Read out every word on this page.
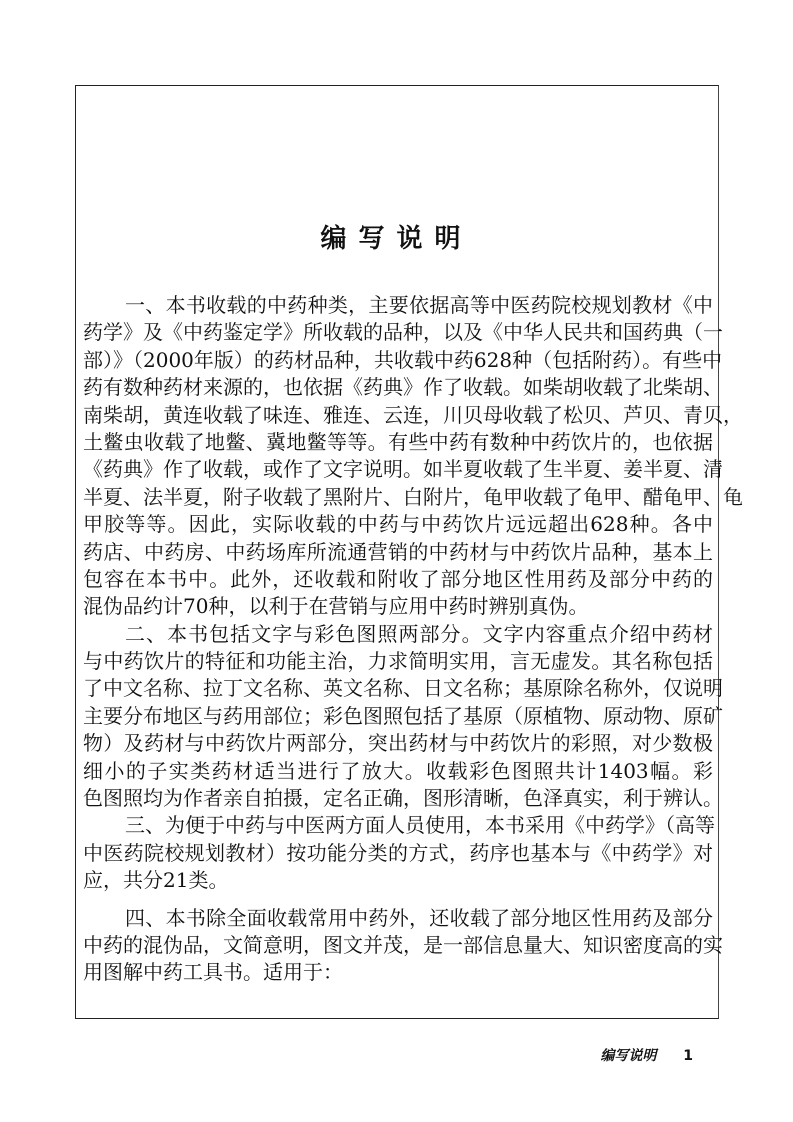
编写说明
一、本书收载的中药种类，主要依据高等中医药院校规划教材《中
药学》及《中药鉴定学》所收载的品种，以及《中华人民共和国药典（一
部）》（2000年版）的药材品种，共收载中药628种（包括附药）。有些中
药有数种药材来源的，也依据《药典》作了收载。如柴胡收载了北柴胡、
南柴胡，黄连收载了味连、雅连、云连，川贝母收载了松贝、芦贝、青贝，
土鳖虫收载了地鳖、冀地鳖等等。有些中药有数种中药饮片的，也依据
《药典》作了收载，或作了文字说明。如半夏收载了生半夏、姜半夏、清
半夏、法半夏，附子收载了黑附片、白附片，龟甲收载了龟甲、醋龟甲、龟
甲胶等等。因此，实际收载的中药与中药饮片远远超出628种。各中
药店、中药房、中药场库所流通营销的中药材与中药饮片品种，基本上
包容在本书中。此外，还收载和附收了部分地区性用药及部分中药的
混伪品约计70种，以利于在营销与应用中药时辨别真伪。
二、本书包括文字与彩色图照两部分。文字内容重点介绍中药材
与中药饮片的特征和功能主治，力求简明实用，言无虚发。其名称包括
了中文名称、拉丁文名称、英文名称、日文名称；基原除名称外，仅说明
主要分布地区与药用部位；彩色图照包括了基原（原植物、原动物、原矿
物）及药材与中药饮片两部分，突出药材与中药饮片的彩照，对少数极
细小的子实类药材适当进行了放大。收载彩色图照共计1403幅。彩
色图照均为作者亲自拍摄，定名正确，图形清晰，色泽真实，利于辨认。
三、为便于中药与中医两方面人员使用，本书采用《中药学》（高等
中医药院校规划教材）按功能分类的方式，药序也基本与《中药学》对
应，共分21类。
四、本书除全面收载常用中药外，还收载了部分地区性用药及部分
中药的混伪品，文简意明，图文并茂，是一部信息量大、知识密度高的实
用图解中药工具书。适用于：
编写说明 1
